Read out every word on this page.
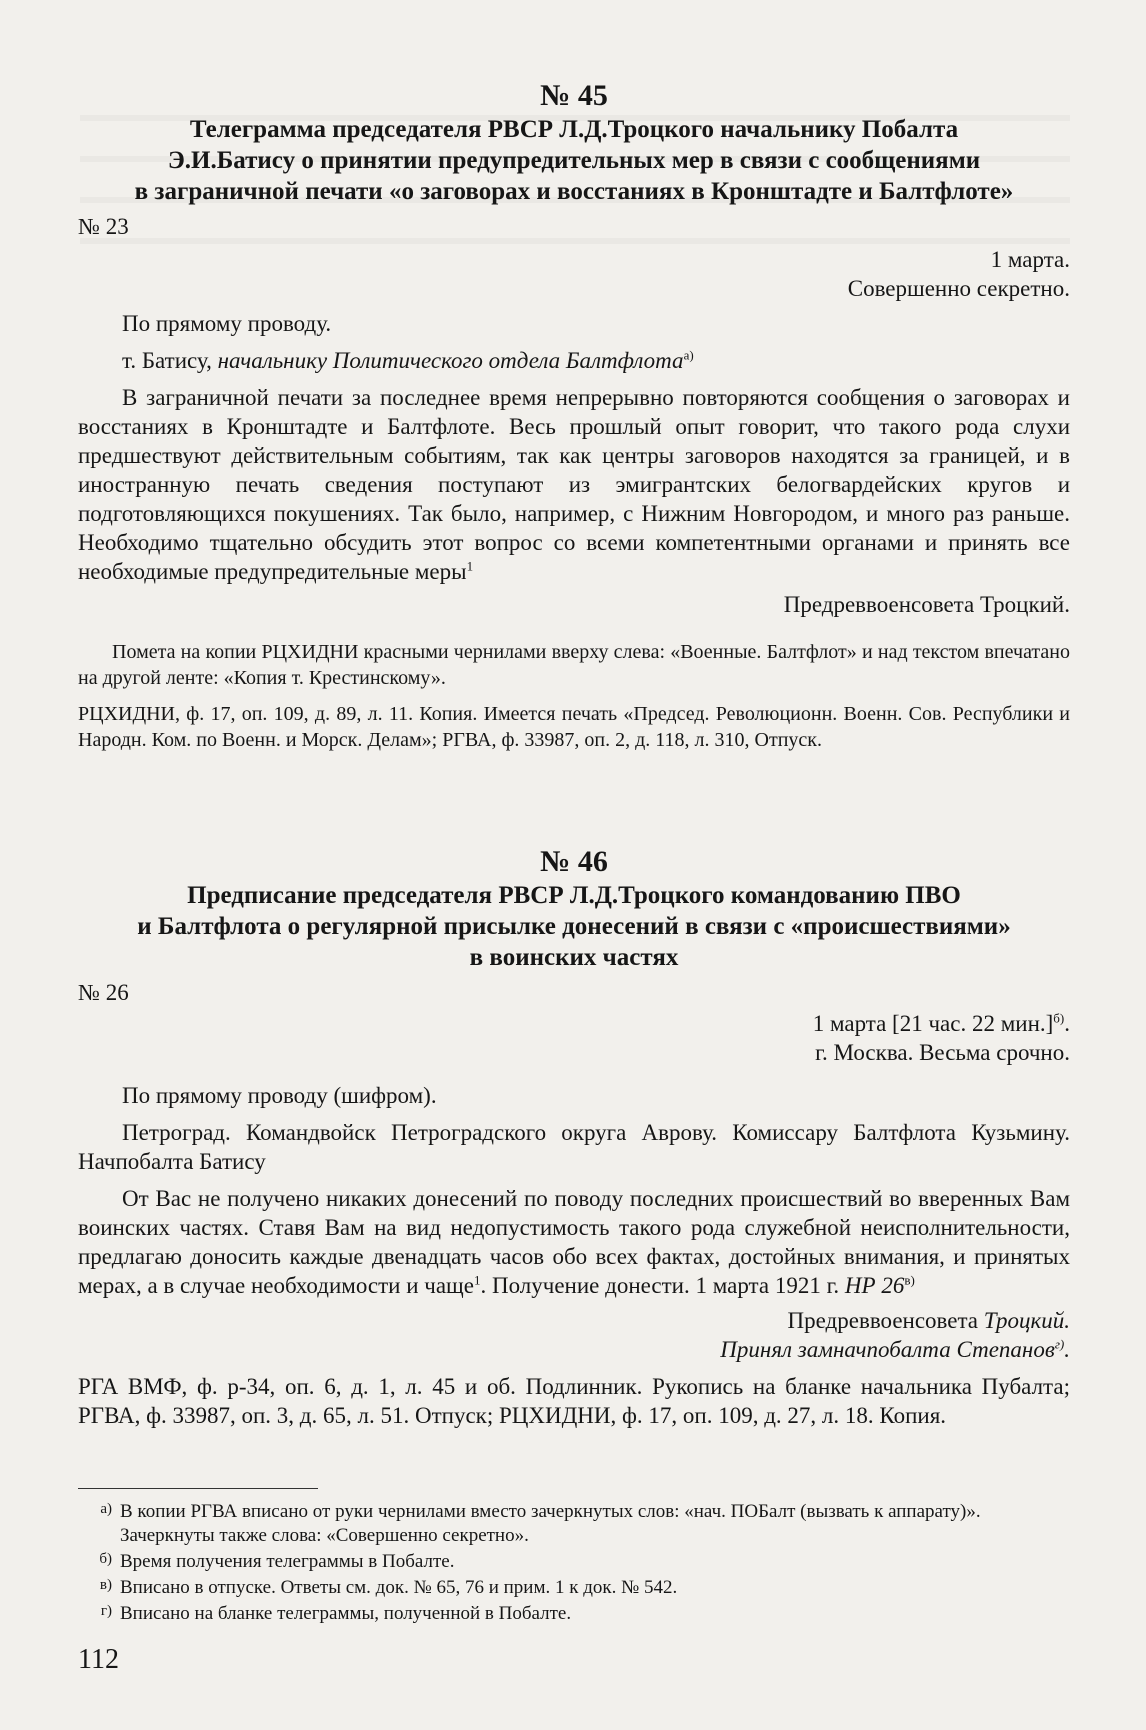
№ 45
Телеграмма председателя РВСР Л.Д.Троцкого начальнику Побалта
Э.И.Батису о принятии предупредительных мер в связи с сообщениями
в заграничной печати «о заговорах и восстаниях в Кронштадте и Балтфлоте»
№ 23
1 марта.
Совершенно секретно.
По прямому проводу.
т. Батису, начальнику Политического отдела Балтфлота$^{а)}$
В заграничной печати за последнее время непрерывно повторяются сообщения о заговорах и восстаниях в Кронштадте и Балтфлоте. Весь прошлый опыт говорит, что такого рода слухи предшествуют действительным событиям, так как центры заговоров находятся за границей, и в иностранную печать сведения поступают из эмигрантских белогвардейских кругов и подготовляющихся покушениях. Так было, например, с Нижним Новгородом, и много раз раньше. Необходимо тщательно обсудить этот вопрос со всеми компетентными органами и принять все необходимые предупредительные меры$^1$
Предреввоенсовета Троцкий.
Помета на копии РЦХИДНИ красными чернилами вверху слева: «Военные. Балтфлот» и над текстом впечатано на другой ленте: «Копия т. Крестинскому».
РЦХИДНИ, ф. 17, оп. 109, д. 89, л. 11. Копия. Имеется печать «Председ. Революционн. Военн. Сов. Республики и Народн. Ком. по Военн. и Морск. Делам»; РГВА, ф. 33987, оп. 2, д. 118, л. 310, Отпуск.
№ 46
Предписание председателя РВСР Л.Д.Троцкого командованию ПВО
и Балтфлота о регулярной присылке донесений в связи с «происшествиями»
в воинских частях
№ 26
1 марта [21 час. 22 мин.]$^{б)}$.
г. Москва. Весьма срочно.
По прямому проводу (шифром).
Петроград. Командвойск Петроградского округа Аврову. Комиссару Балтфлота Кузьмину. Начпобалта Батису
От Вас не получено никаких донесений по поводу последних происшествий во вверенных Вам воинских частях. Ставя Вам на вид недопустимость такого рода служебной неисполнительности, предлагаю доносить каждые двенадцать часов обо всех фактах, достойных внимания, и принятых мерах, а в случае необходимости и чаще$^1$. Получение донести. 1 марта 1921 г. НР $26^{в)}$
Предреввоенсовета Троцкий.
Принял замначпобалта Степанов$^{г)}$.
РГА ВМФ, ф. р-34, оп. 6, д. 1, л. 45 и об. Подлинник. Рукопись на бланке начальника Пубалта; РГВА, ф. 33987, оп. 3, д. 65, л. 51. Отпуск; РЦХИДНИ, ф. 17, оп. 109, д. 27, л. 18. Копия.
а) В копии РГВА вписано от руки чернилами вместо зачеркнутых слов: «нач. ПОБалт (вызвать к аппарату)». Зачеркнуты также слова: «Совершенно секретно».
б) Время получения телеграммы в Побалте.
в) Вписано в отпуске. Ответы см. док. № 65, 76 и прим. 1 к док. № 542.
г) Вписано на бланке телеграммы, полученной в Побалте.
112
